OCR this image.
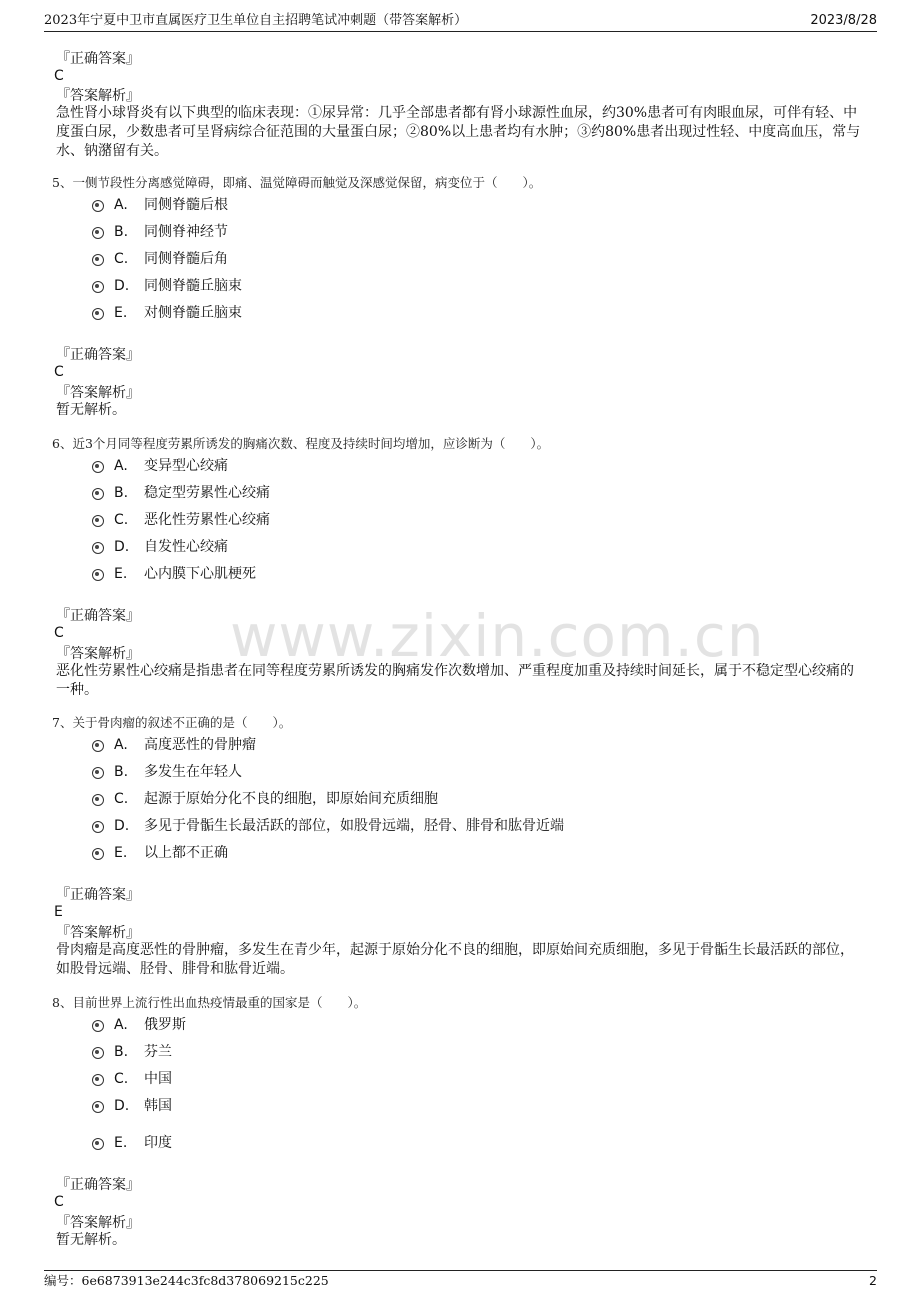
2023年宁夏中卫市直属医疗卫生单位自主招聘笔试冲刺题（带答案解析）	2023/8/28
www.zixin.com.cn
『正确答案』
C
『答案解析』
急性肾小球肾炎有以下典型的临床表现：①尿异常：几乎全部患者都有肾小球源性血尿，约30%患者可有肉眼血尿，可伴有轻、中度蛋白尿，少数患者可呈肾病综合征范围的大量蛋白尿；②80%以上患者均有水肿；③约80%患者出现过性轻、中度高血压，常与水、钠潴留有关。
5、一侧节段性分离感觉障碍，即痛、温觉障碍而触觉及深感觉保留，病变位于（　　）。
A. 同侧脊髓后根
B. 同侧脊神经节
C. 同侧脊髓后角
D. 同侧脊髓丘脑束
E. 对侧脊髓丘脑束
『正确答案』
C
『答案解析』
暂无解析。
6、近3个月同等程度劳累所诱发的胸痛次数、程度及持续时间均增加，应诊断为（　　）。
A. 变异型心绞痛
B. 稳定型劳累性心绞痛
C. 恶化性劳累性心绞痛
D. 自发性心绞痛
E. 心内膜下心肌梗死
『正确答案』
C
『答案解析』
恶化性劳累性心绞痛是指患者在同等程度劳累所诱发的胸痛发作次数增加、严重程度加重及持续时间延长，属于不稳定型心绞痛的一种。
7、关于骨肉瘤的叙述不正确的是（　　）。
A. 高度恶性的骨肿瘤
B. 多发生在年轻人
C. 起源于原始分化不良的细胞，即原始间充质细胞
D. 多见于骨骺生长最活跃的部位，如股骨远端，胫骨、腓骨和肱骨近端
E. 以上都不正确
『正确答案』
E
『答案解析』
骨肉瘤是高度恶性的骨肿瘤，多发生在青少年，起源于原始分化不良的细胞，即原始间充质细胞，多见于骨骺生长最活跃的部位，如股骨远端、胫骨、腓骨和肱骨近端。
8、目前世界上流行性出血热疫情最重的国家是（　　）。
A. 俄罗斯
B. 芬兰
C. 中国
D. 韩国
E. 印度
『正确答案』
C
『答案解析』
暂无解析。
编号：6e6873913e244c3fc8d378069215c225	2
